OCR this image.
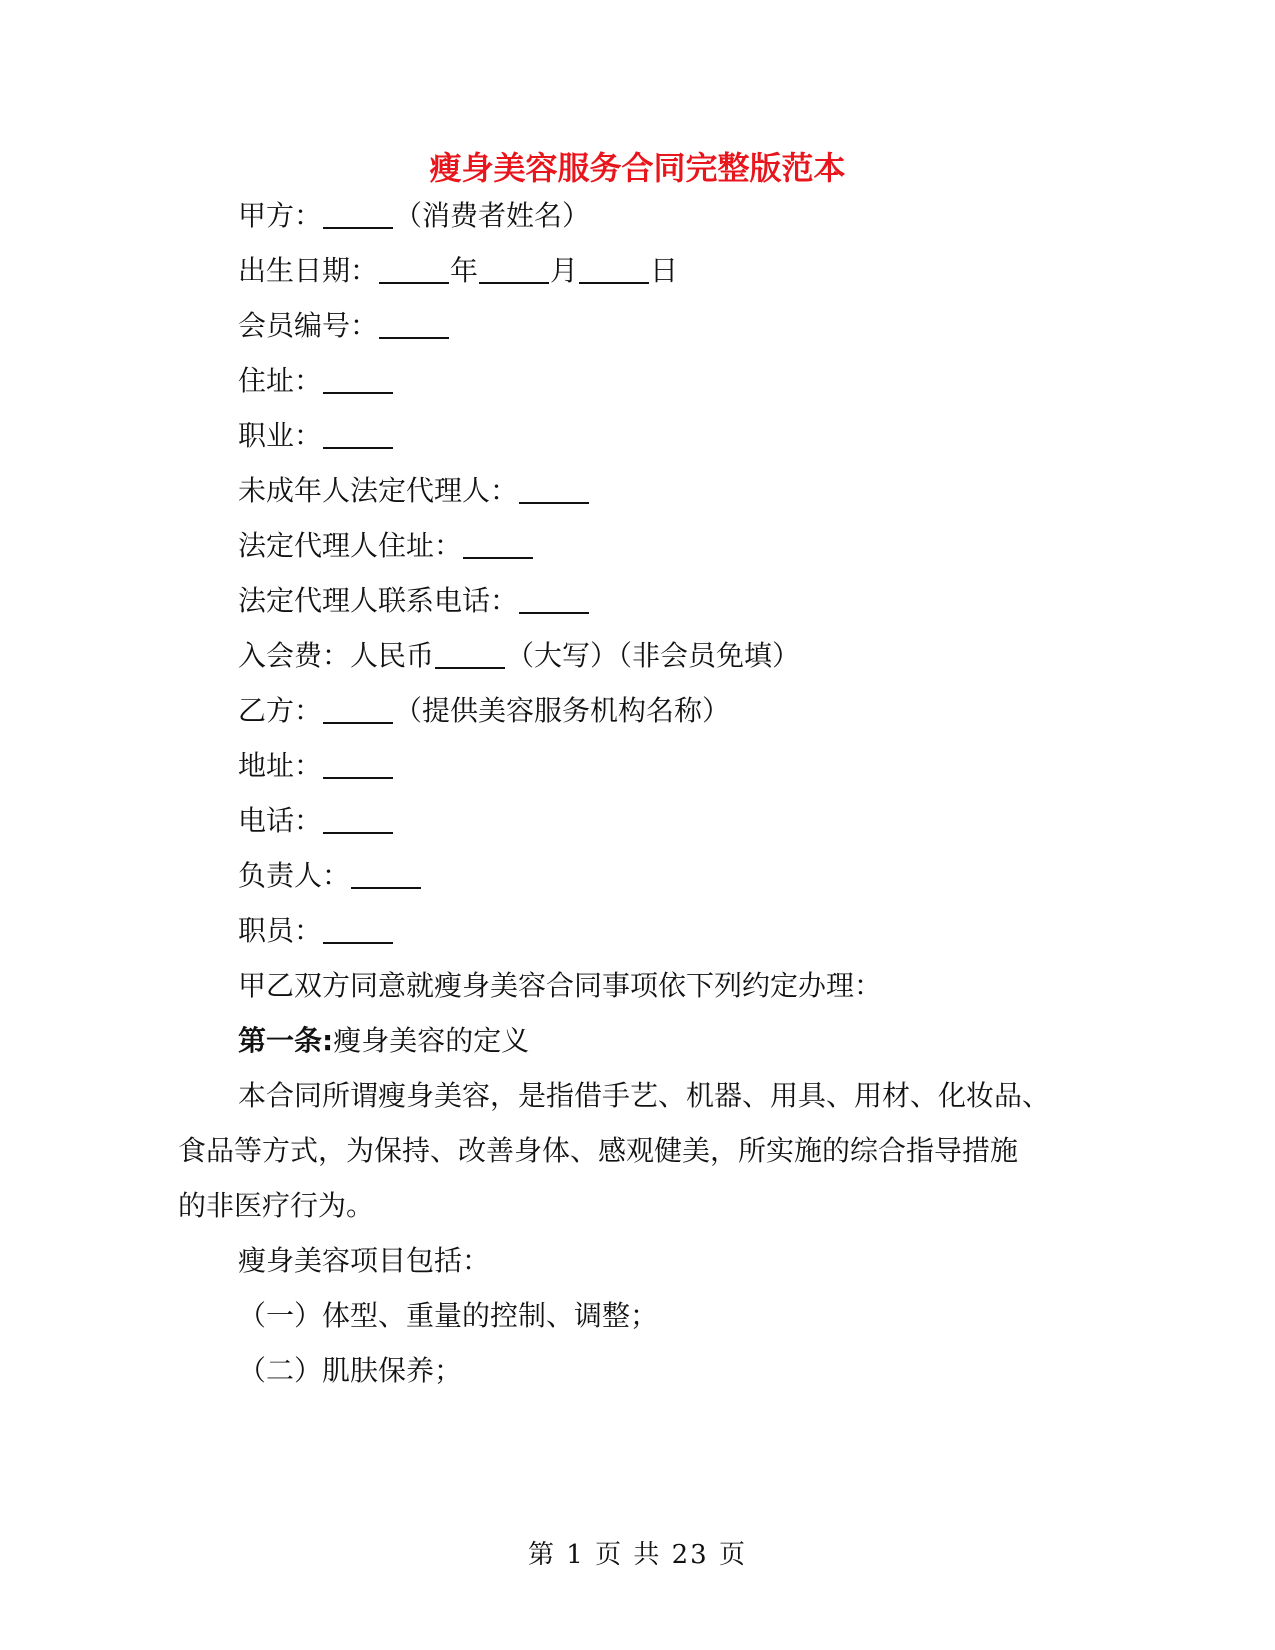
瘦身美容服务合同完整版范本
甲方：	（消费者姓名）
出生日期：	年	月	日
会员编号：
住址：
职业：
未成年人法定代理人：
法定代理人住址：
法定代理人联系电话：
入会费：人民币	（大写）（非会员免填）
乙方：	（提供美容服务机构名称）
地址：
电话：
负责人：
职员：
甲乙双方同意就瘦身美容合同事项依下列约定办理：
第一条:瘦身美容的定义
本合同所谓瘦身美容，是指借手艺、机器、用具、用材、化妆品、
食品等方式，为保持、改善身体、感观健美，所实施的综合指导措施
的非医疗行为。
瘦身美容项目包括：
（一）体型、重量的控制、调整；
（二）肌肤保养；
第 1 页 共 23 页
